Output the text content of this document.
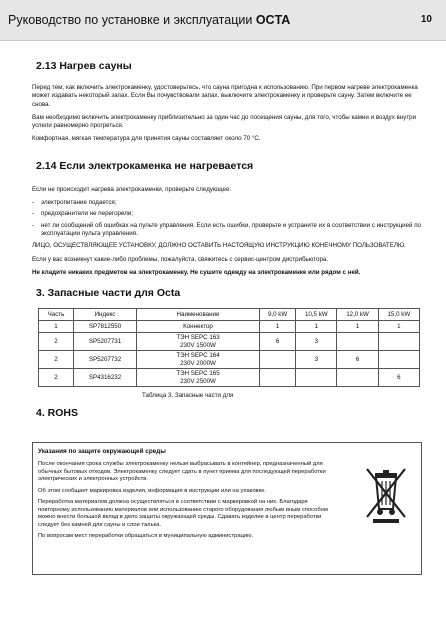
Руководство по установке и эксплуатации OCTA	10
2.13 Нагрев сауны

Перед тем, как включить электрокаменку, удостоверьтесь, что сауна пригодна к использованию. При первом нагреве электрокаменка может издавать некоторый запах. Если Вы почувствовали запах, выключите электрокаменку и проверьте сауну. Затем включите ее снова.

Вам необходимо включить электрокаменку приблизительно за один час до посещения сауны, для того, чтобы камни и воздух внутри успели равномерно прогреться.

Комфортная, мягкая температура для принятия сауны составляет около 70 °С.

2.14 Если электрокаменка не нагревается

Если не происходит нагрева электрокаменки, проверьте следующее:

- электропитание подается;
- предохранители не перегорели;
- нет ли сообщений об ошибках на пульте управления. Если есть ошибки, проверьте и устраните их в соответствии с инструкцией по эксплуатации пульта управления.

ЛИЦО, ОСУЩЕСТВЛЯЮЩЕЕ УСТАНОВКУ, ДОЛЖНО ОСТАВИТЬ НАСТОЯЩУЮ ИНСТРУКЦИЮ КОНЕЧНОМУ ПОЛЬЗОВАТЕЛЮ.

Если у вас возникнут какие-либо проблемы, пожалуйста, свяжитесь с сервис-центром дистрибьютора.

Не кладите никаких предметов на электрокаменку. Не сушите одежду на электрокаменке или рядом с ней.

3. Запасные части для Octa
Часть	Индекс	Наименование	9,0 kW	10,5 kW	12,0 kW	15,0 kW
1	SP7812550	Коннектор	1	1	1	1
2	SP5207731	ТЭН SEPC 163
230V 1500W	6	3		
2	SP5207732	ТЭН SEPC 164
230V 2000W		3	6	
2	SP4316232	ТЭН SEPC 165
230V 2500W				6
Таблица 3. Запасные части для
4. ROHS
Указания по защите окружающей среды

После окончания срока службы электрокаменку нельзя выбрасывать в контейнер, предназначенный для обычных бытовых отходов. Электрокаменку следует сдать в пункт приема для последующей переработки электрических и электронных устройств.

Об этом сообщает маркировка изделия, информация в инструкции или на упаковке.

Переработка материалов должна осуществляться в соответствии с маркировкой на них. Благодаря повторному использованию материалов или использованию старого оборудования любым иным способом можно внести большой вклад в дело защиты окружающей среды. Сдавать изделие в центр переработки следует без камней для сауны и слои талька.

По вопросам мест переработки обращаться в муниципальную администрацию.
